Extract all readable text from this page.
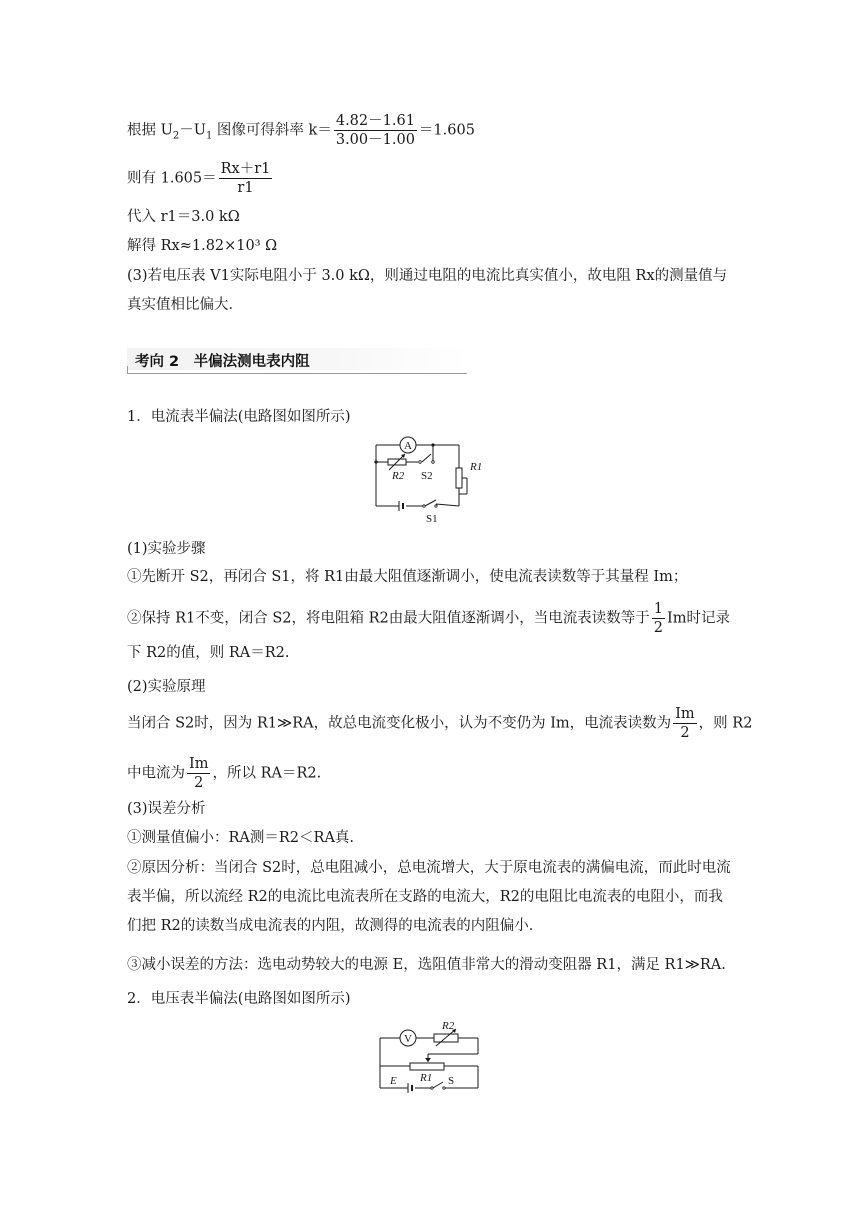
根据 $U_2-U_1$ 图像可得斜率 $k= \frac{4.82-1.61}{3.00-1.00} =1.605$
则有 $1.605= \frac{Rx+r1}{r1}$
代入 r1＝3.0 kΩ
解得 Rx≈1.82×10³ Ω
(3)若电压表 V1实际电阻小于 3.0 kΩ，则通过电阻的电流比真实值小，故电阻 Rx的测量值与真实值相比偏大．
考向 2　半偏法测电表内阻
1．电流表半偏法(电路图如图所示)
A
R2 S2
R1
S1
(1)实验步骤
①先断开 S2，再闭合 S1，将 R1由最大阻值逐渐调小，使电流表读数等于其量程 Im；
②保持 R1不变，闭合 S2，将电阻箱 R2由最大阻值逐渐调小，当电流表读数等于 $\frac{1}{2}$ Im时记录
下 R2的值，则 RA＝R2.
(2)实验原理
当闭合 S2时，因为 R1≫RA，故总电流变化极小，认为不变仍为 Im，电流表读数为 $\frac{Im}{2}$ ，则 R2
中电流为 $\frac{Im}{2}$ ，所以 RA＝R2.
(3)误差分析
①测量值偏小：RA测＝R2＜RA真.
②原因分析：当闭合 S2时，总电阻减小，总电流增大，大于原电流表的满偏电流，而此时电流表半偏，所以流经 R2的电流比电流表所在支路的电流大，R2的电阻比电流表的电阻小，而我们把 R2的读数当成电流表的内阻，故测得的电流表的内阻偏小．
③减小误差的方法：选电动势较大的电源 E，选阻值非常大的滑动变阻器 R1，满足 R1≫RA.
2．电压表半偏法(电路图如图所示)
V
R2
R1
E	S
